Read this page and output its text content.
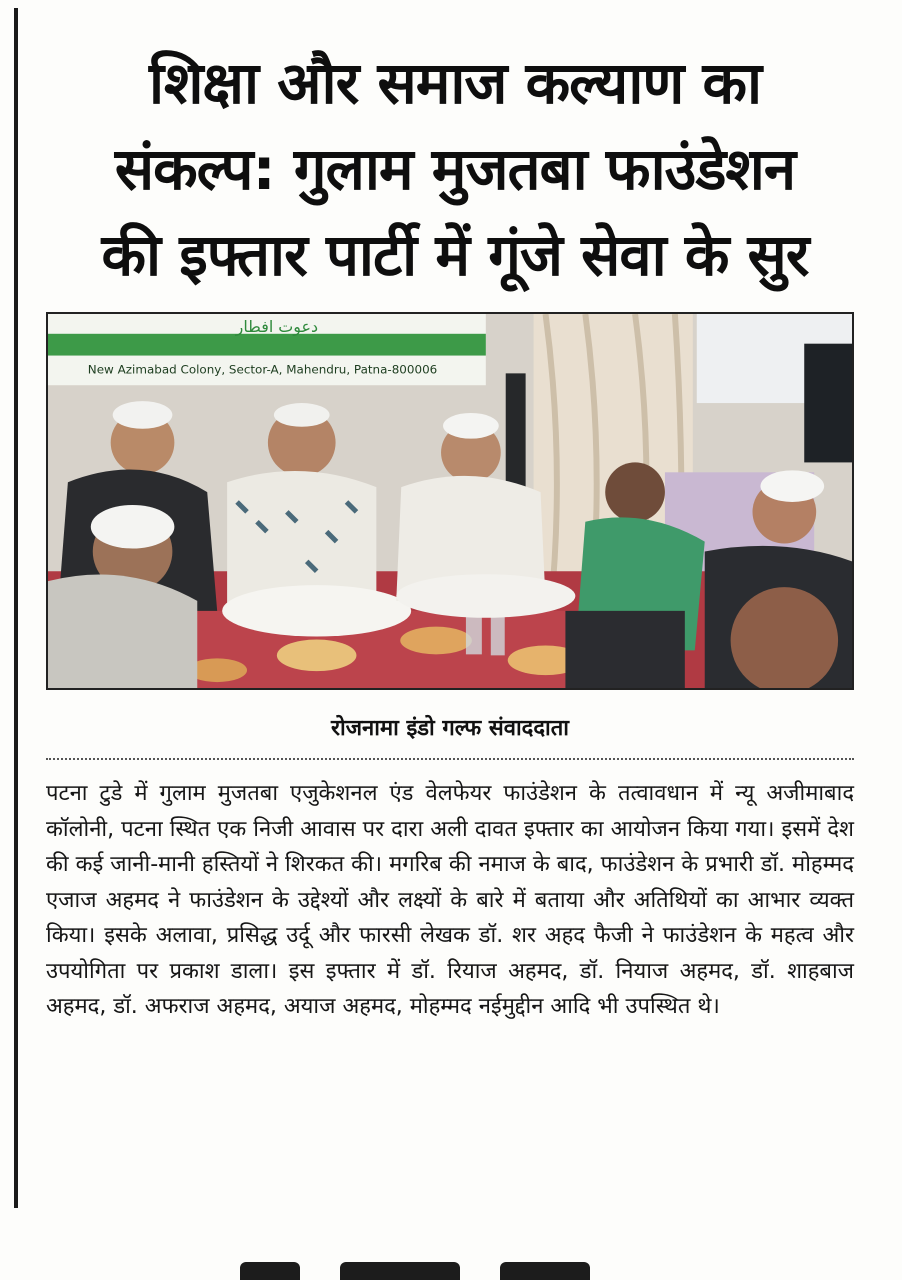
शिक्षा और समाज कल्याण का
संकल्प: गुलाम मुजतबा फाउंडेशन
की इफ्तार पार्टी में गूंजे सेवा के सुर
دعوت افطار
New Azimabad Colony, Sector-A, Mahendru, Patna-800006
रोजनामा इंडो गल्फ संवाददाता

पटना टुडे में गुलाम मुजतबा एजुकेशनल एंड वेलफेयर फाउंडेशन के तत्वावधान में न्यू अजीमाबाद कॉलोनी, पटना स्थित एक निजी आवास पर दारा अली दावत इफ्तार का आयोजन किया गया। इसमें देश की कई जानी-मानी हस्तियों ने शिरकत की। मगरिब की नमाज के बाद, फाउंडेशन के प्रभारी डॉ. मोहम्मद एजाज अहमद ने फाउंडेशन के उद्देश्यों और लक्ष्यों के बारे में बताया और अतिथियों का आभार व्यक्त किया। इसके अलावा, प्रसिद्ध उर्दू और फारसी लेखक डॉ. शर अहद फैजी ने फाउंडेशन के महत्व और उपयोगिता पर प्रकाश डाला। इस इफ्तार में डॉ. रियाज अहमद, डॉ. नियाज अहमद, डॉ. शाहबाज अहमद, डॉ. अफराज अहमद, अयाज अहमद, मोहम्मद नईमुद्दीन आदि भी उपस्थित थे।
